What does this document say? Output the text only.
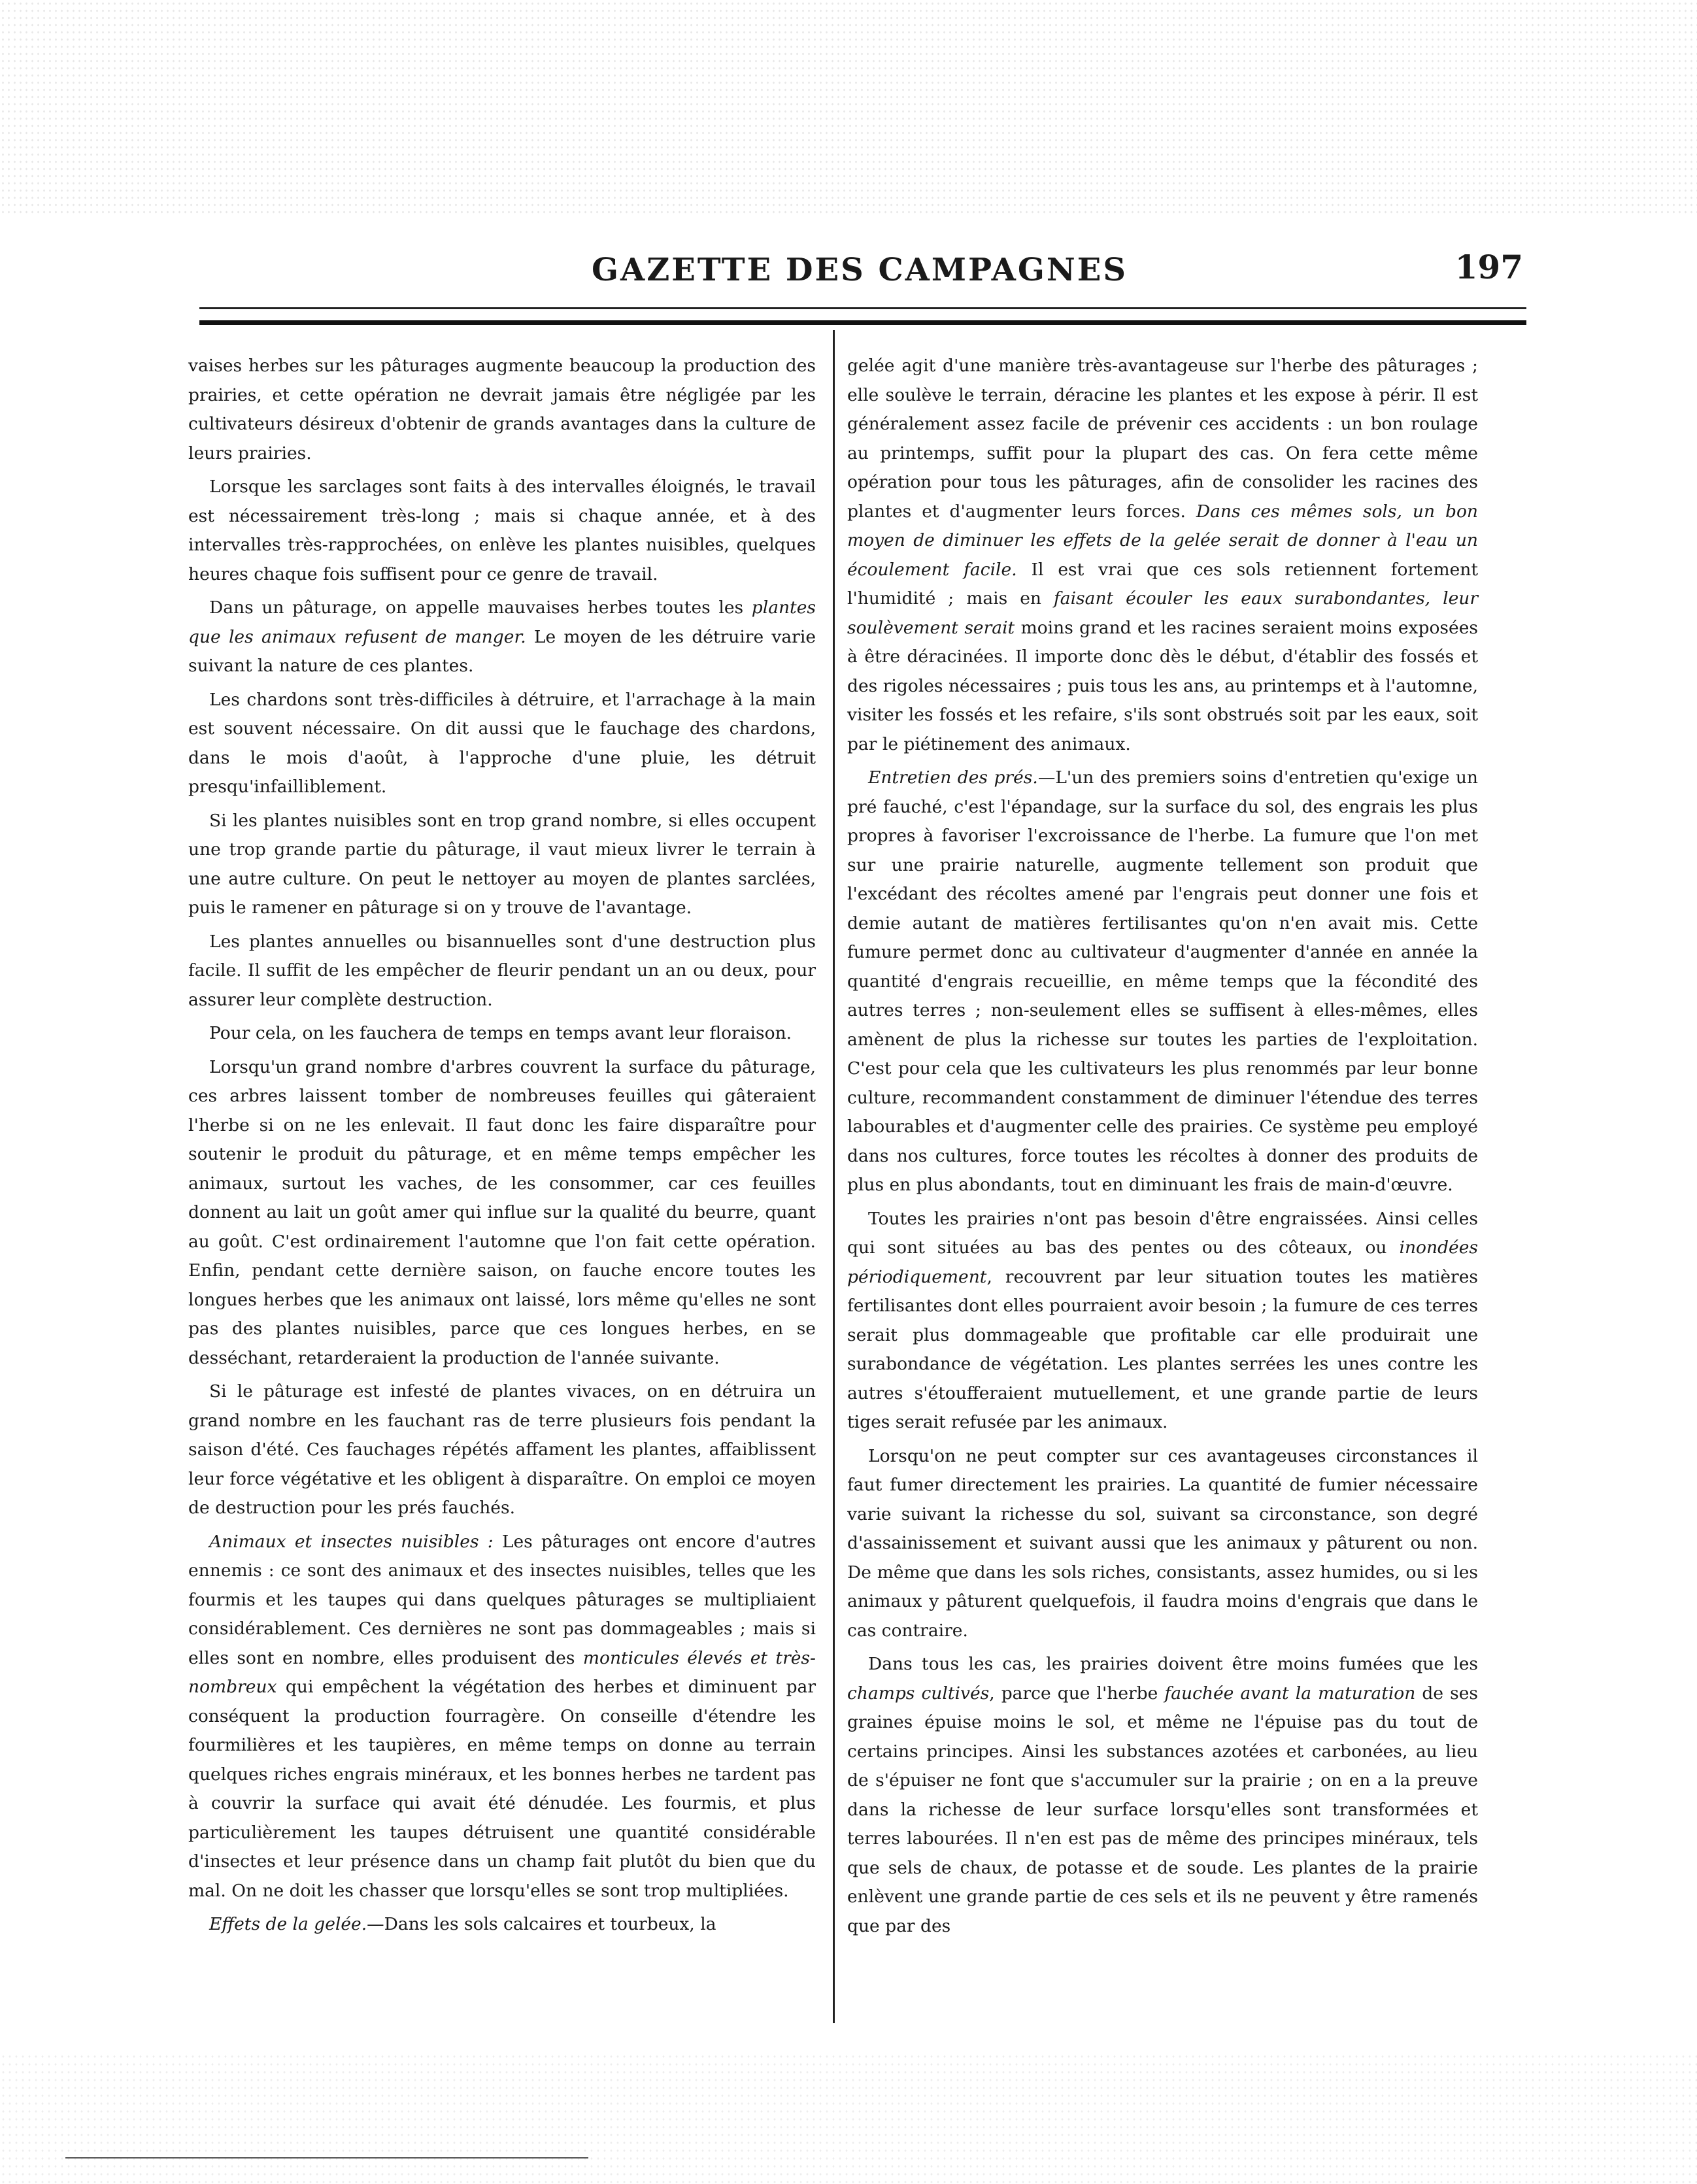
GAZETTE DES CAMPAGNES	197

vaises herbes sur les pâturages augmente beaucoup la production des prairies, et cette opération ne devrait jamais être négligée par les cultivateurs désireux d'obtenir de grands avantages dans la culture de leurs prairies.

Lorsque les sarclages sont faits à des intervalles éloignés, le travail est nécessairement très-long ; mais si chaque année, et à des intervalles très-rapprochées, on enlève les plantes nuisibles, quelques heures chaque fois suffisent pour ce genre de travail.

Dans un pâturage, on appelle mauvaises herbes toutes les plantes que les animaux refusent de manger. Le moyen de les détruire varie suivant la nature de ces plantes.

Les chardons sont très-difficiles à détruire, et l'arrachage à la main est souvent nécessaire. On dit aussi que le fauchage des chardons, dans le mois d'août, à l'approche d'une pluie, les détruit presqu'infailliblement.

Si les plantes nuisibles sont en trop grand nombre, si elles occupent une trop grande partie du pâturage, il vaut mieux livrer le terrain à une autre culture. On peut le nettoyer au moyen de plantes sarclées, puis le ramener en pâturage si on y trouve de l'avantage.

Les plantes annuelles ou bisannuelles sont d'une destruction plus facile. Il suffit de les empêcher de fleurir pendant un an ou deux, pour assurer leur complète destruction.

Pour cela, on les fauchera de temps en temps avant leur floraison.

Lorsqu'un grand nombre d'arbres couvrent la surface du pâturage, ces arbres laissent tomber de nombreuses feuilles qui gâteraient l'herbe si on ne les enlevait. Il faut donc les faire disparaître pour soutenir le produit du pâturage, et en même temps empêcher les animaux, surtout les vaches, de les consommer, car ces feuilles donnent au lait un goût amer qui influe sur la qualité du beurre, quant au goût. C'est ordinairement l'automne que l'on fait cette opération. Enfin, pendant cette dernière saison, on fauche encore toutes les longues herbes que les animaux ont laissé, lors même qu'elles ne sont pas des plantes nuisibles, parce que ces longues herbes, en se desséchant, retarderaient la production de l'année suivante.

Si le pâturage est infesté de plantes vivaces, on en détruira un grand nombre en les fauchant ras de terre plusieurs fois pendant la saison d'été. Ces fauchages répétés affament les plantes, affaiblissent leur force végétative et les obligent à disparaître. On emploi ce moyen de destruction pour les prés fauchés.

Animaux et insectes nuisibles : Les pâturages ont encore d'autres ennemis : ce sont des animaux et des insectes nuisibles, telles que les fourmis et les taupes qui dans quelques pâturages se multipliaient considérablement. Ces dernières ne sont pas dommageables ; mais si elles sont en nombre, elles produisent des monticules élevés et très-nombreux qui empêchent la végétation des herbes et diminuent par conséquent la production fourragère. On conseille d'étendre les fourmilières et les taupières, en même temps on donne au terrain quelques riches engrais minéraux, et les bonnes herbes ne tardent pas à couvrir la surface qui avait été dénudée. Les fourmis, et plus particulièrement les taupes détruisent une quantité considérable d'insectes et leur présence dans un champ fait plutôt du bien que du mal. On ne doit les chasser que lorsqu'elles se sont trop multipliées.

Effets de la gelée.—Dans les sols calcaires et tourbeux, la

gelée agit d'une manière très-avantageuse sur l'herbe des pâturages ; elle soulève le terrain, déracine les plantes et les expose à périr. Il est généralement assez facile de prévenir ces accidents : un bon roulage au printemps, suffit pour la plupart des cas. On fera cette même opération pour tous les pâturages, afin de consolider les racines des plantes et d'augmenter leurs forces. Dans ces mêmes sols, un bon moyen de diminuer les effets de la gelée serait de donner à l'eau un écoulement facile. Il est vrai que ces sols retiennent fortement l'humidité ; mais en faisant écouler les eaux surabondantes, leur soulèvement serait moins grand et les racines seraient moins exposées à être déracinées. Il importe donc dès le début, d'établir des fossés et des rigoles nécessaires ; puis tous les ans, au printemps et à l'automne, visiter les fossés et les refaire, s'ils sont obstrués soit par les eaux, soit par le piétinement des animaux.

Entretien des prés.—L'un des premiers soins d'entretien qu'exige un pré fauché, c'est l'épandage, sur la surface du sol, des engrais les plus propres à favoriser l'excroissance de l'herbe. La fumure que l'on met sur une prairie naturelle, augmente tellement son produit que l'excédant des récoltes amené par l'engrais peut donner une fois et demie autant de matières fertilisantes qu'on n'en avait mis. Cette fumure permet donc au cultivateur d'augmenter d'année en année la quantité d'engrais recueillie, en même temps que la fécondité des autres terres ; non-seulement elles se suffisent à elles-mêmes, elles amènent de plus la richesse sur toutes les parties de l'exploitation. C'est pour cela que les cultivateurs les plus renommés par leur bonne culture, recommandent constamment de diminuer l'étendue des terres labourables et d'augmenter celle des prairies. Ce système peu employé dans nos cultures, force toutes les récoltes à donner des produits de plus en plus abondants, tout en diminuant les frais de main-d'œuvre.

Toutes les prairies n'ont pas besoin d'être engraissées. Ainsi celles qui sont situées au bas des pentes ou des côteaux, ou inondées périodiquement, recouvrent par leur situation toutes les matières fertilisantes dont elles pourraient avoir besoin ; la fumure de ces terres serait plus dommageable que profitable car elle produirait une surabondance de végétation. Les plantes serrées les unes contre les autres s'étoufferaient mutuellement, et une grande partie de leurs tiges serait refusée par les animaux.

Lorsqu'on ne peut compter sur ces avantageuses circonstances il faut fumer directement les prairies. La quantité de fumier nécessaire varie suivant la richesse du sol, suivant sa circonstance, son degré d'assainissement et suivant aussi que les animaux y pâturent ou non. De même que dans les sols riches, consistants, assez humides, ou si les animaux y pâturent quelquefois, il faudra moins d'engrais que dans le cas contraire.

Dans tous les cas, les prairies doivent être moins fumées que les champs cultivés, parce que l'herbe fauchée avant la maturation de ses graines épuise moins le sol, et même ne l'épuise pas du tout de certains principes. Ainsi les substances azotées et carbonées, au lieu de s'épuiser ne font que s'accumuler sur la prairie ; on en a la preuve dans la richesse de leur surface lorsqu'elles sont transformées et terres labourées. Il n'en est pas de même des principes minéraux, tels que sels de chaux, de potasse et de soude. Les plantes de la prairie enlèvent une grande partie de ces sels et ils ne peuvent y être ramenés que par des
